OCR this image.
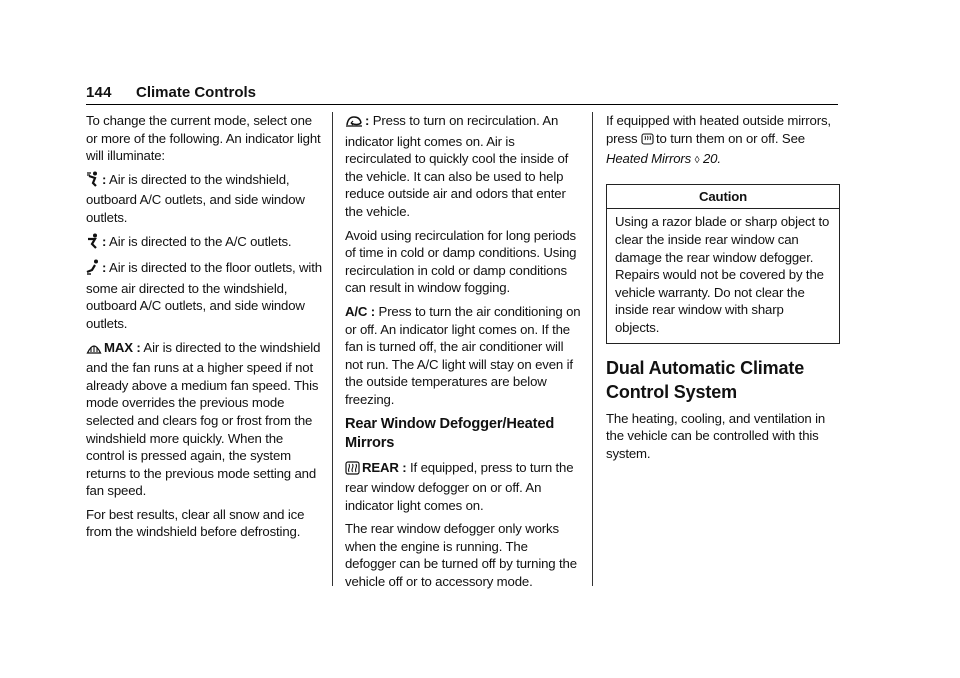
144 Climate Controls

To change the current mode, select one or more of the following. An indicator light will illuminate:

: Air is directed to the windshield, outboard A/C outlets, and side window outlets.

: Air is directed to the A/C outlets.

: Air is directed to the floor outlets, with some air directed to the windshield, outboard A/C outlets, and side window outlets.

MAX : Air is directed to the windshield and the fan runs at a higher speed if not already above a medium fan speed. This mode overrides the previous mode selected and clears fog or frost from the windshield more quickly. When the control is pressed again, the system returns to the previous mode setting and fan speed.

For best results, clear all snow and ice from the windshield before defrosting.

: Press to turn on recirculation. An indicator light comes on. Air is recirculated to quickly cool the inside of the vehicle. It can also be used to help reduce outside air and odors that enter the vehicle.

Avoid using recirculation for long periods of time in cold or damp conditions. Using recirculation in cold or damp conditions can result in window fogging.

A/C : Press to turn the air conditioning on or off. An indicator light comes on. If the fan is turned off, the air conditioner will not run. The A/C light will stay on even if the outside temperatures are below freezing.

Rear Window Defogger/Heated Mirrors

REAR : If equipped, press to turn the rear window defogger on or off. An indicator light comes on.

The rear window defogger only works when the engine is running. The defogger can be turned off by turning the vehicle off or to accessory mode.

If equipped with heated outside mirrors, press to turn them on or off. See Heated Mirrors ◊ 20.

Caution
Using a razor blade or sharp object to clear the inside rear window can damage the rear window defogger. Repairs would not be covered by the vehicle warranty. Do not clear the inside rear window with sharp objects.
Dual Automatic Climate Control System

The heating, cooling, and ventilation in the vehicle can be controlled with this system.
